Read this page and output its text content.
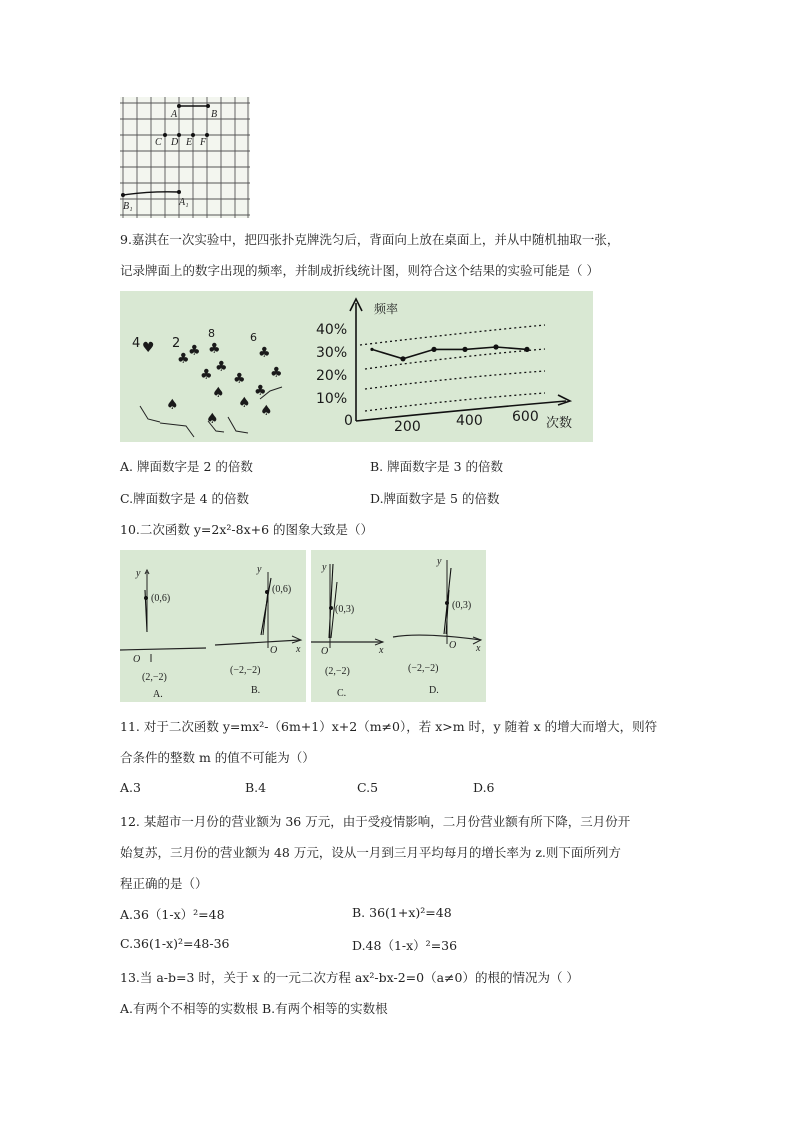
A	B
C D E F
B₁	A₁
9.嘉淇在一次实验中，把四张扑克牌洗匀后，背面向上放在桌面上，并从中随机抽取一张，
记录牌面上的数字出现的频率，并制成折线统计图，则符合这个结果的实验可能是（ ）
4 2
8	6
♥
♣
♣ ♣
♣
♣ ♣
♣
♣
♣
♠
♠
♠ ♠
♠
频率
次数
0
10%
20%
30%
40%
200	400 600
A. 牌面数字是 2 的倍数	B. 牌面数字是 3 的倍数
C.牌面数字是 4 的倍数	D.牌面数字是 5 的倍数
10.二次函数 y=2x²-8x+6 的图象大致是（）
y
(0,6)
O
(2,−2)
A.
x
y
(0,6)
O
(−2,−2)
B.
x
y
(0,3)
O
(2,−2)
C.
x
y
(0,3)
O
(−2,−2)
D.
11. 对于二次函数 y=mx²-（6m+1）x+2（m≠0），若 x>m 时，y 随着 x 的增大而增大，则符
合条件的整数 m 的值不可能为（）
A.3	B.4	C.5	D.6
12. 某超市一月份的营业额为 36 万元，由于受疫情影响，二月份营业额有所下降，三月份开
始复苏，三月份的营业额为 48 万元，设从一月到三月平均每月的增长率为 z.则下面所列方
程正确的是（）
A.36（1-x）²=48	B. 36(1+x)²=48
C.36(1-x)²=48-36	D.48（1-x）²=36
13.当 a-b=3 时，关于 x 的一元二次方程 ax²-bx-2=0（a≠0）的根的情况为（ ）
A.有两个不相等的实数根 B.有两个相等的实数根
